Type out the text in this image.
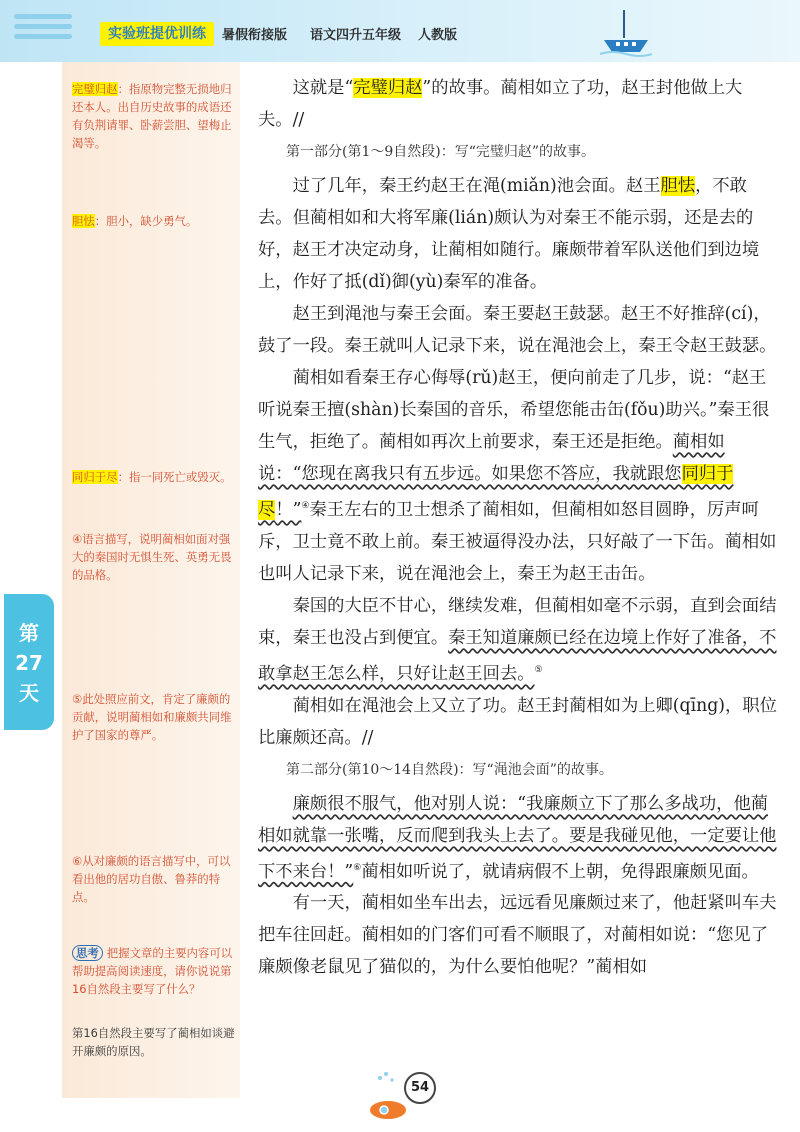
实验班提优训练	暑假衔接版 语文四升五年级 人教版
完璧归赵：指原物完整无损地归还本人。出自历史故事的成语还有负荆请罪、卧薪尝胆、望梅止渴等。
胆怯：胆小，缺少勇气。
同归于尽：指一同死亡或毁灭。
④语言描写，说明蔺相如面对强大的秦国时无惧生死、英勇无畏的品格。
⑤此处照应前文，肯定了廉颇的贡献，说明蔺相如和廉颇共同维护了国家的尊严。
⑥从对廉颇的语言描写中，可以看出他的居功自傲、鲁莽的特点。
思考 把握文章的主要内容可以帮助提高阅读速度，请你说说第16自然段主要写了什么？
第16自然段主要写了蔺相如谈避开廉颇的原因。
第
27
天

这就是“完璧归赵”的故事。蔺相如立了功，赵王封他做上大夫。//

第一部分(第1～9自然段)：写“完璧归赵”的故事。

过了几年，秦王约赵王在渑(miǎn)池会面。赵王胆怯，不敢去。但蔺相如和大将军廉(lián)颇认为对秦王不能示弱，还是去的好，赵王才决定动身，让蔺相如随行。廉颇带着军队送他们到边境上，作好了抵(dǐ)御(yù)秦军的准备。

赵王到渑池与秦王会面。秦王要赵王鼓瑟。赵王不好推辞(cí)，鼓了一段。秦王就叫人记录下来，说在渑池会上，秦王令赵王鼓瑟。

蔺相如看秦王存心侮辱(rǔ)赵王，便向前走了几步，说：“赵王听说秦王擅(shàn)长秦国的音乐，希望您能击缶(fǒu)助兴。”秦王很生气，拒绝了。蔺相如再次上前要求，秦王还是拒绝。蔺相如说：“您现在离我只有五步远。如果您不答应，我就跟您同归于尽！”④秦王左右的卫士想杀了蔺相如，但蔺相如怒目圆睁，厉声呵斥，卫士竟不敢上前。秦王被逼得没办法，只好敲了一下缶。蔺相如也叫人记录下来，说在渑池会上，秦王为赵王击缶。

秦国的大臣不甘心，继续发难，但蔺相如毫不示弱，直到会面结束，秦王也没占到便宜。秦王知道廉颇已经在边境上作好了准备，不敢拿赵王怎么样，只好让赵王回去。⑤

蔺相如在渑池会上又立了功。赵王封蔺相如为上卿(qīng)，职位比廉颇还高。//

第二部分(第10～14自然段)：写“渑池会面”的故事。

廉颇很不服气，他对别人说：“我廉颇立下了那么多战功，他蔺相如就靠一张嘴，反而爬到我头上去了。要是我碰见他，一定要让他下不来台！”⑥蔺相如听说了，就请病假不上朝，免得跟廉颇见面。

有一天，蔺相如坐车出去，远远看见廉颇过来了，他赶紧叫车夫把车往回赶。蔺相如的门客们可看不顺眼了，对蔺相如说：“您见了廉颇像老鼠见了猫似的，为什么要怕他呢？”蔺相如

54
